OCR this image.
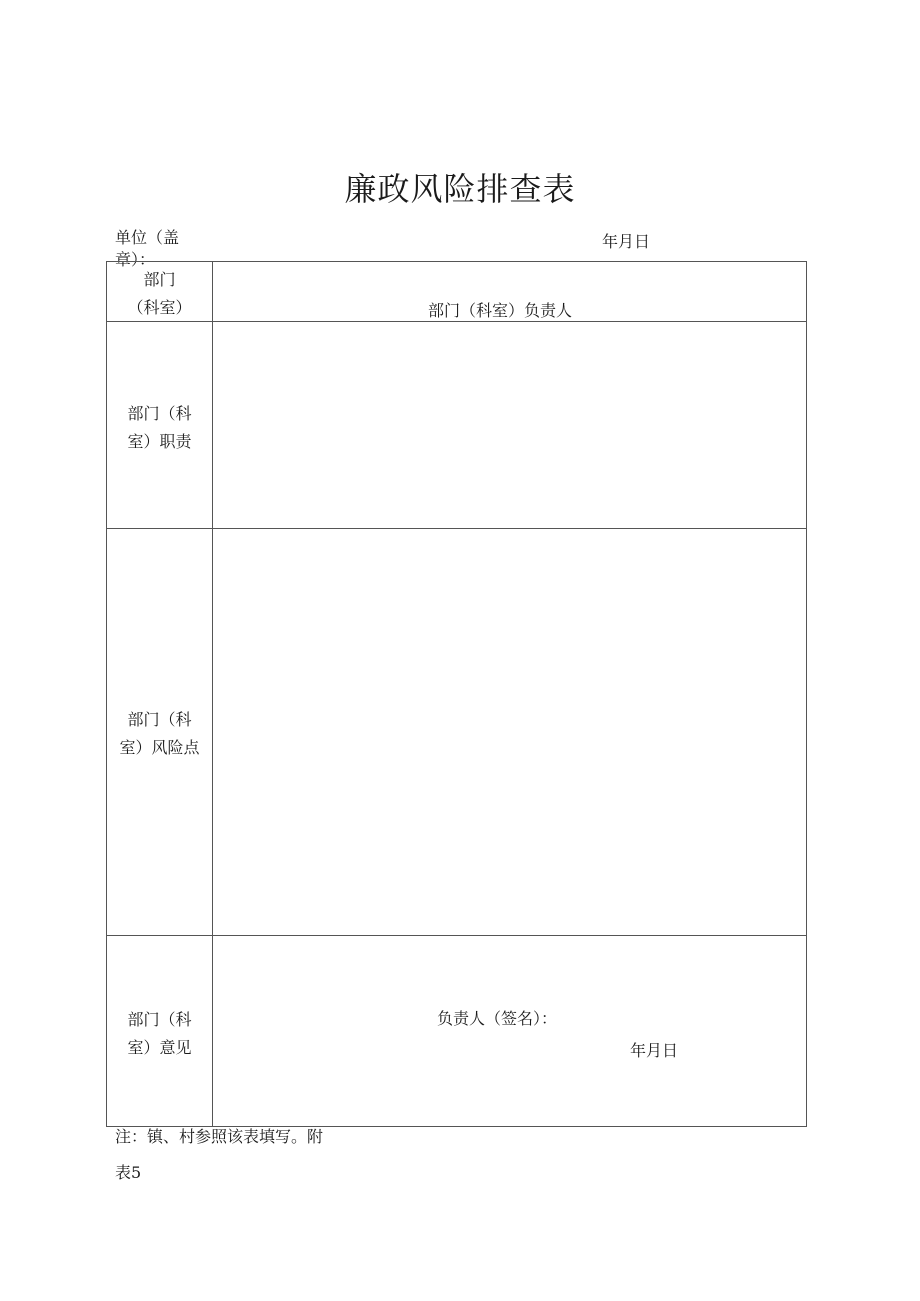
廉政风险排查表
单位（盖章）：
年月日
部门
（科室）	部门（科室）负责人
部门（科
室）职责
部门（科
室）风险点
部门（科
室）意见
负责人（签名）：
年月日
注：镇、村参照该表填写。附
表5
